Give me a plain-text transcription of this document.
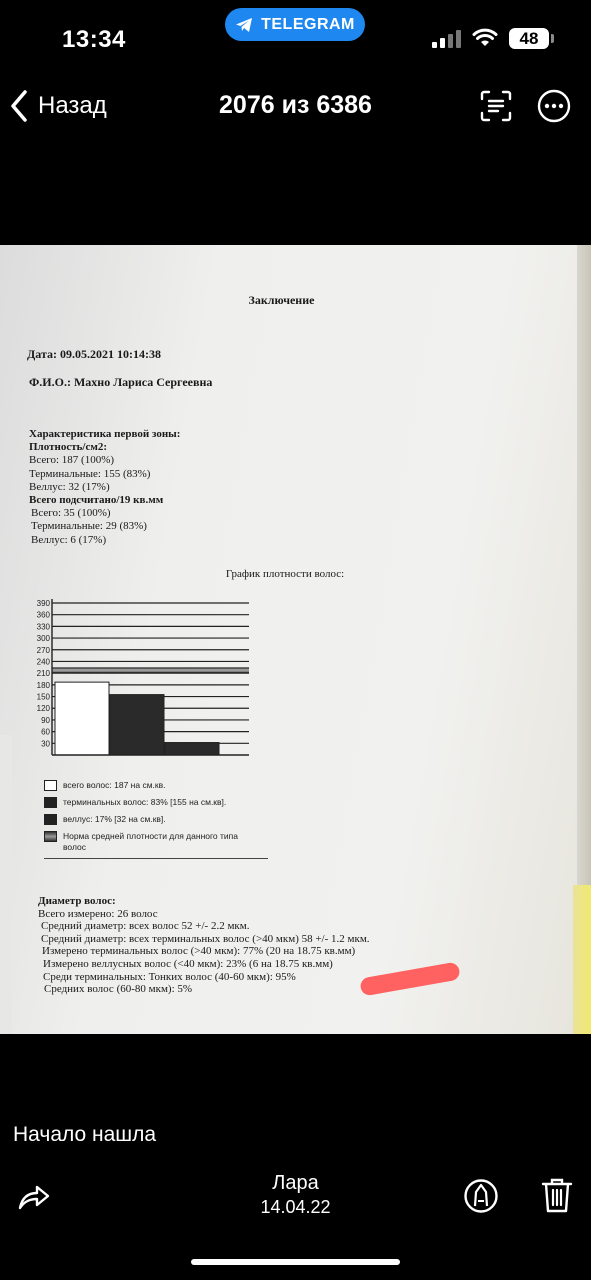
13:34
TELEGRAM
48
Назад	2076 из 6386
Заключение
Дата: 09.05.2021 10:14:38
Ф.И.О.: Махно Лариса Сергеевна
Характеристика первой зоны:
Плотность/см2:
Всего: 187 (100%)
Терминальные: 155 (83%)
Веллус: 32 (17%)
Всего подсчитано/19 кв.мм
Всего: 35 (100%)
Терминальные: 29 (83%)
Веллус: 6 (17%)
График плотности волос:
30
60
90
120
150
180
210
240
270
300
330
360
390
всего волос: 187 на см.кв.
терминальных волос: 83% [155 на см.кв].
веллус: 17% [32 на см.кв].
Норма средней плотности для данного типа волос
Диаметр волос:
Всего измерено: 26 волос
Средний диаметр: всех волос 52 +/- 2.2 мкм.
Средний диаметр: всех терминальных волос (>40 мкм) 58 +/- 1.2 мкм.
Измерено терминальных волос (>40 мкм): 77% (20 на 18.75 кв.мм)
Измерено веллусных волос (<40 мкм): 23% (6 на 18.75 кв.мм)
Среди терминальных: Тонких волос (40-60 мкм): 95%
Средних волос (60-80 мкм): 5%
Начало нашла
Лара
14.04.22
